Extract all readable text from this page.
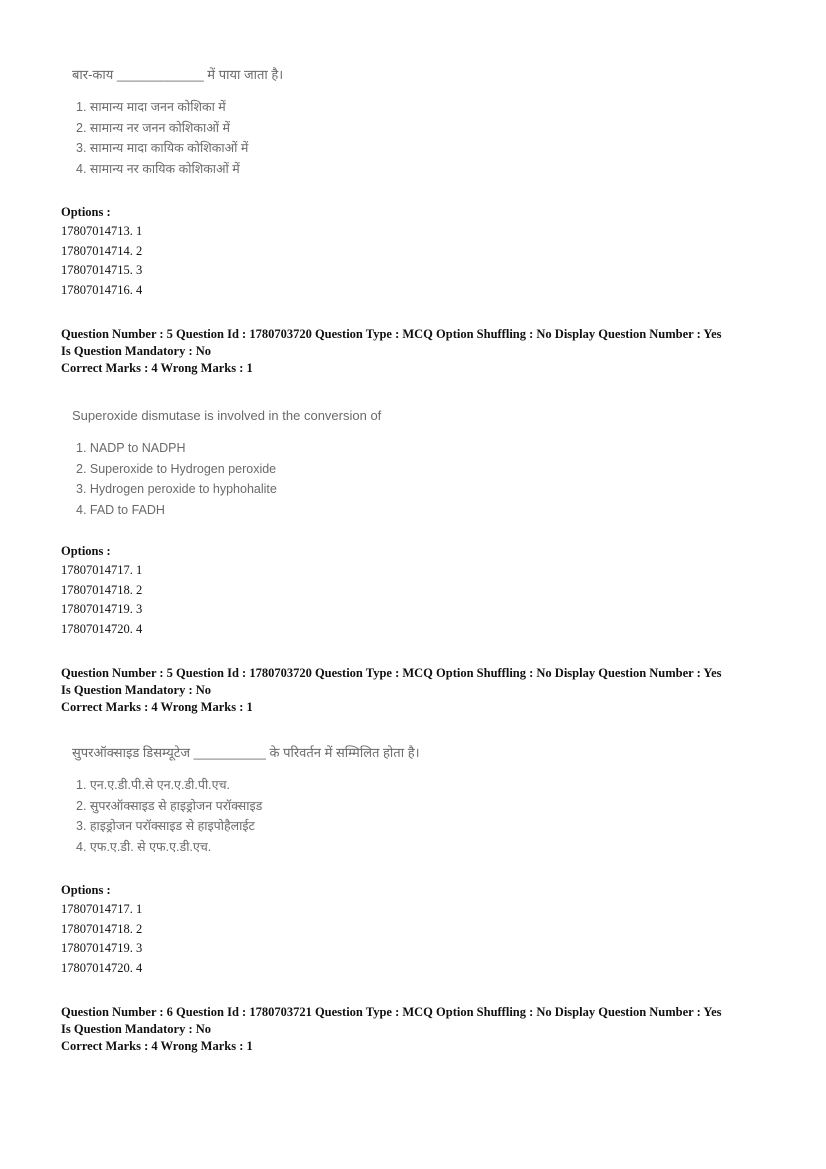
बार-काय ____________ में पाया जाता है।
1. सामान्य मादा जनन कोशिका में
2. सामान्य नर जनन कोशिकाओं में
3. सामान्य मादा कायिक कोशिकाओं में
4. सामान्य नर कायिक कोशिकाओं में
Options :
17807014713. 1
17807014714. 2
17807014715. 3
17807014716. 4
Question Number : 5 Question Id : 1780703720 Question Type : MCQ Option Shuffling : No Display Question Number : Yes
Is Question Mandatory : No
Correct Marks : 4 Wrong Marks : 1
Superoxide dismutase is involved in the conversion of
1. NADP to NADPH
2. Superoxide to Hydrogen peroxide
3. Hydrogen peroxide to hyphohalite
4. FAD to FADH
Options :
17807014717. 1
17807014718. 2
17807014719. 3
17807014720. 4
Question Number : 5 Question Id : 1780703720 Question Type : MCQ Option Shuffling : No Display Question Number : Yes
Is Question Mandatory : No
Correct Marks : 4 Wrong Marks : 1
सुपरऑक्साइड डिसम्यूटेज __________ के परिवर्तन में सम्मिलित होता है।
1. एन.ए.डी.पी.से एन.ए.डी.पी.एच.
2. सुपरऑक्साइड से हाइड्रोजन परॉक्साइड
3. हाइड्रोजन परॉक्साइड से हाइपोहैलाईट
4. एफ.ए.डी. से एफ.ए.डी.एच.
Options :
17807014717. 1
17807014718. 2
17807014719. 3
17807014720. 4
Question Number : 6 Question Id : 1780703721 Question Type : MCQ Option Shuffling : No Display Question Number : Yes
Is Question Mandatory : No
Correct Marks : 4 Wrong Marks : 1
